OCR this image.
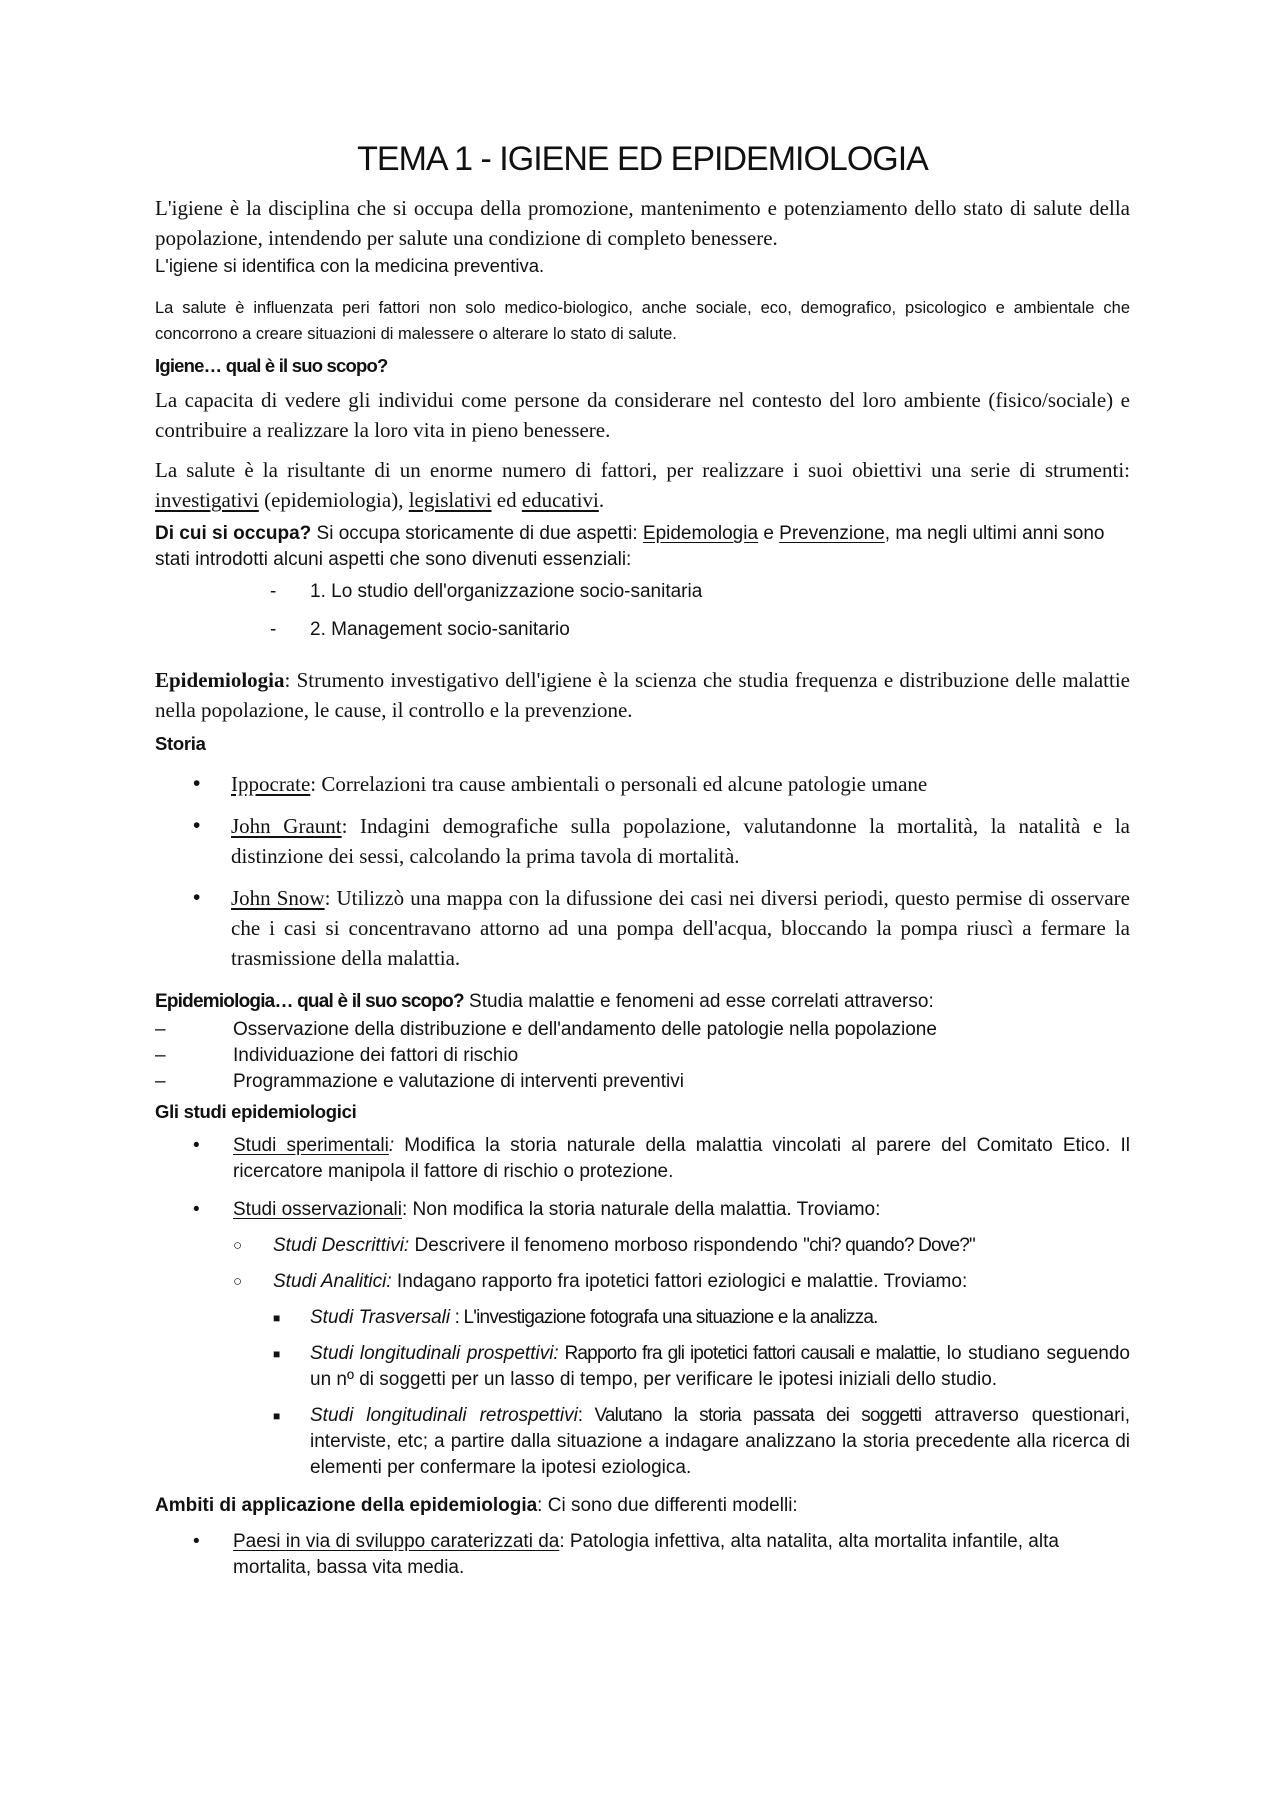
TEMA 1 - IGIENE ED EPIDEMIOLOGIA

L'igiene è la disciplina che si occupa della promozione, mantenimento e potenziamento dello stato di salute della popolazione, intendendo per salute una condizione di completo benessere.
L'igiene si identifica con la medicina preventiva.

La salute è influenzata peri fattori non solo medico-biologico, anche sociale, eco, demografico, psicologico e ambientale che concorrono a creare situazioni di malessere o alterare lo stato di salute.

Igiene… qual è il suo scopo?

La capacita di vedere gli individui come persone da considerare nel contesto del loro ambiente (fisico/sociale) e contribuire a realizzare la loro vita in pieno benessere.

La salute è la risultante di un enorme numero di fattori, per realizzare i suoi obiettivi una serie di strumenti: investigativi (epidemiologia), legislativi ed educativi.

Di cui si occupa? Si occupa storicamente di due aspetti: Epidemologia e Prevenzione, ma negli ultimi anni sono stati introdotti alcuni aspetti che sono divenuti essenziali:

-	1. Lo studio dell'organizzazione socio-sanitaria
-	2. Management socio-sanitario

Epidemiologia: Strumento investigativo dell'igiene è la scienza che studia frequenza e distribuzione delle malattie nella popolazione, le cause, il controllo e la prevenzione.

Storia

•	Ippocrate: Correlazioni tra cause ambientali o personali ed alcune patologie umane
•	John Graunt: Indagini demografiche sulla popolazione, valutandonne la mortalità, la natalità e la distinzione dei sessi, calcolando la prima tavola di mortalità.
•	John Snow: Utilizzò una mappa con la difussione dei casi nei diversi periodi, questo permise di osservare che i casi si concentravano attorno ad una pompa dell'acqua, bloccando la pompa riuscì a fermare la trasmissione della malattia.

Epidemiologia… qual è il suo scopo? Studia malattie e fenomeni ad esse correlati attraverso:

–	Osservazione della distribuzione e dell'andamento delle patologie nella popolazione
–	Individuazione dei fattori di rischio
–	Programmazione e valutazione di interventi preventivi

Gli studi epidemiologici

•	Studi sperimentali: Modifica la storia naturale della malattia vincolati al parere del Comitato Etico. Il ricercatore manipola il fattore di rischio o protezione.
•	Studi osservazionali: Non modifica la storia naturale della malattia. Troviamo:
○	Studi Descrittivi: Descrivere il fenomeno morboso rispondendo "chi? quando? Dove?"
○	Studi Analitici: Indagano rapporto fra ipotetici fattori eziologici e malattie. Troviamo:
■	Studi Trasversali : L'investigazione fotografa una situazione e la analizza.
■	Studi longitudinali prospettivi: Rapporto fra gli ipotetici fattori causali e malattie, lo studiano seguendo un nº di soggetti per un lasso di tempo, per verificare le ipotesi iniziali dello studio.
■	Studi longitudinali retrospettivi: Valutano la storia passata dei soggetti attraverso questionari, interviste, etc; a partire dalla situazione a indagare analizzano la storia precedente alla ricerca di elementi per confermare la ipotesi eziologica.

Ambiti di applicazione della epidemiologia: Ci sono due differenti modelli:

•	Paesi in via di sviluppo caraterizzati da: Patologia infettiva, alta natalita, alta mortalita infantile, alta mortalita, bassa vita media.
